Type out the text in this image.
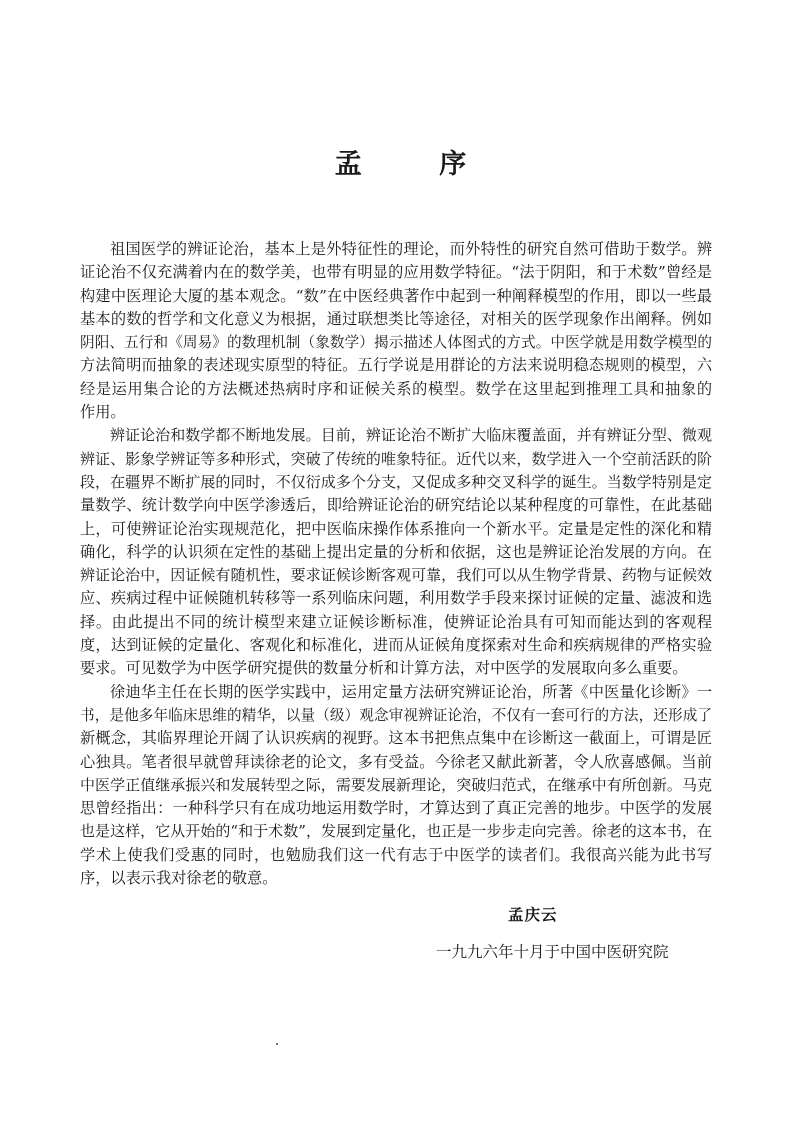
孟 序

祖国医学的辨证论治，基本上是外特征性的理论，而外特性的研究自然可借助于数学。辨
证论治不仅充满着内在的数学美，也带有明显的应用数学特征。“法于阴阳，和于术数”曾经是
构建中医理论大厦的基本观念。“数”在中医经典著作中起到一种阐释模型的作用，即以一些最
基本的数的哲学和文化意义为根据，通过联想类比等途径，对相关的医学现象作出阐释。例如
阴阳、五行和《周易》的数理机制（象数学）揭示描述人体图式的方式。中医学就是用数学模型的
方法简明而抽象的表述现实原型的特征。五行学说是用群论的方法来说明稳态规则的模型，六
经是运用集合论的方法概述热病时序和证候关系的模型。数学在这里起到推理工具和抽象的
作用。

辨证论治和数学都不断地发展。目前，辨证论治不断扩大临床覆盖面，并有辨证分型、微观
辨证、影象学辨证等多种形式，突破了传统的唯象特征。近代以来，数学进入一个空前活跃的阶
段，在疆界不断扩展的同时，不仅衍成多个分支，又促成多种交叉科学的诞生。当数学特别是定
量数学、统计数学向中医学渗透后，即给辨证论治的研究结论以某种程度的可靠性，在此基础
上，可使辨证论治实现规范化，把中医临床操作体系推向一个新水平。定量是定性的深化和精
确化，科学的认识须在定性的基础上提出定量的分析和依据，这也是辨证论治发展的方向。在
辨证论治中，因证候有随机性，要求证候诊断客观可靠，我们可以从生物学背景、药物与证候效
应、疾病过程中证候随机转移等一系列临床问题，利用数学手段来探讨证候的定量、滤波和选
择。由此提出不同的统计模型来建立证候诊断标准，使辨证论治具有可知而能达到的客观程
度，达到证候的定量化、客观化和标准化，进而从证候角度探索对生命和疾病规律的严格实验
要求。可见数学为中医学研究提供的数量分析和计算方法，对中医学的发展取向多么重要。

徐迪华主任在长期的医学实践中，运用定量方法研究辨证论治，所著《中医量化诊断》一
书，是他多年临床思维的精华，以量（级）观念审视辨证论治，不仅有一套可行的方法，还形成了
新概念，其临界理论开阔了认识疾病的视野。这本书把焦点集中在诊断这一截面上，可谓是匠
心独具。笔者很早就曾拜读徐老的论文，多有受益。今徐老又献此新著，令人欣喜感佩。当前
中医学正值继承振兴和发展转型之际，需要发展新理论，突破归范式，在继承中有所创新。马克
思曾经指出：一种科学只有在成功地运用数学时，才算达到了真正完善的地步。中医学的发展
也是这样，它从开始的“和于术数”，发展到定量化，也正是一步步走向完善。徐老的这本书，在
学术上使我们受惠的同时，也勉励我们这一代有志于中医学的读者们。我很高兴能为此书写
序，以表示我对徐老的敬意。

孟庆云
一九九六年十月于中国中医研究院
